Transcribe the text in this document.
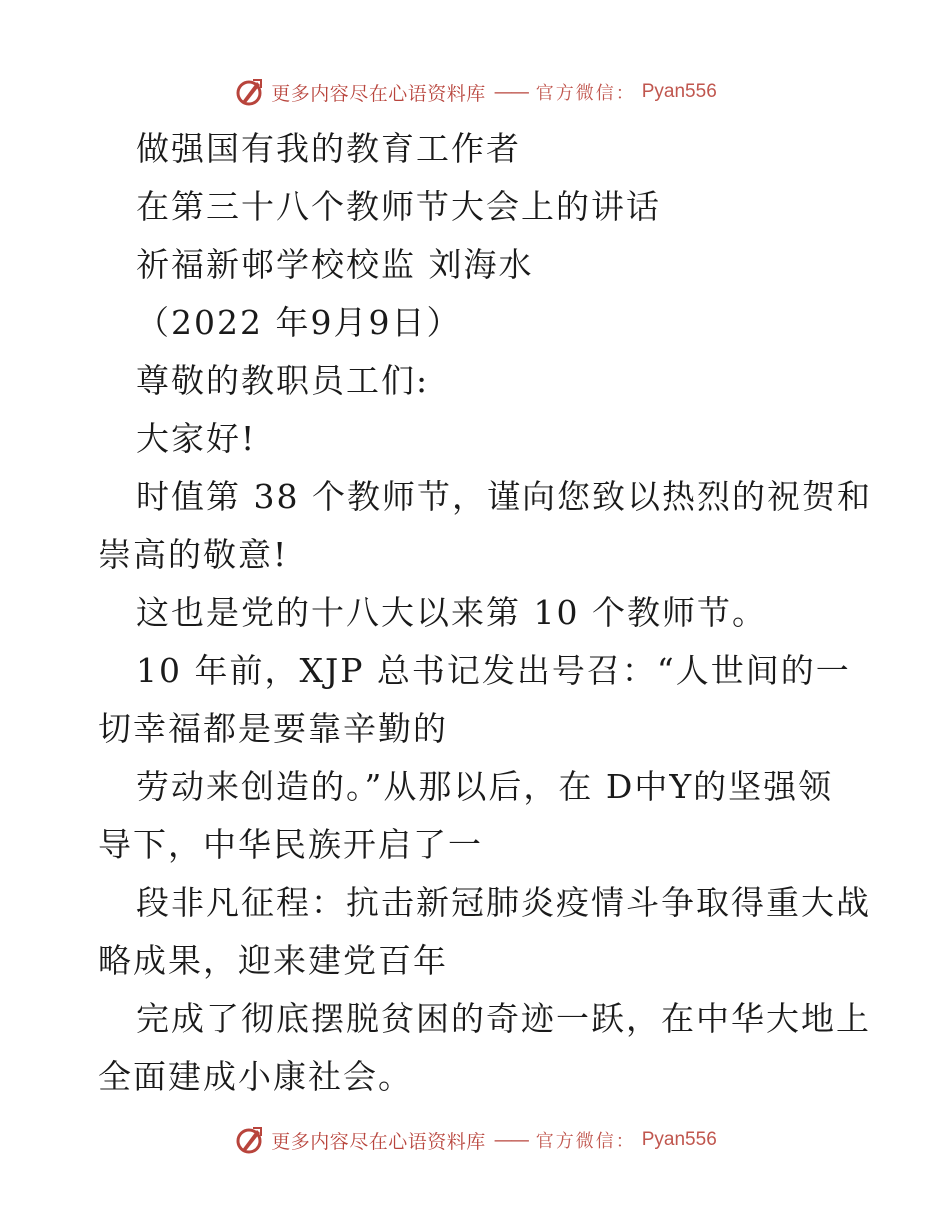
更多内容尽在心语资料库 —— 官方微信： Pyan556
做强国有我的教育工作者
在第三十八个教师节大会上的讲话
祈福新邨学校校监 刘海水
（2022 年9月9日）
尊敬的教职员工们:
大家好!
时值第 38 个教师节，谨向您致以热烈的祝贺和
崇高的敬意!
这也是党的十八大以来第 10 个教师节。
10 年前，XJP 总书记发出号召：“人世间的一
切幸福都是要靠辛勤的
劳动来创造的。”从那以后，在 D中Y的坚强领
导下，中华民族开启了一
段非凡征程：抗击新冠肺炎疫情斗争取得重大战
略成果，迎来建党百年
完成了彻底摆脱贫困的奇迹一跃，在中华大地上
全面建成小康社会。
更多内容尽在心语资料库 —— 官方微信： Pyan556
